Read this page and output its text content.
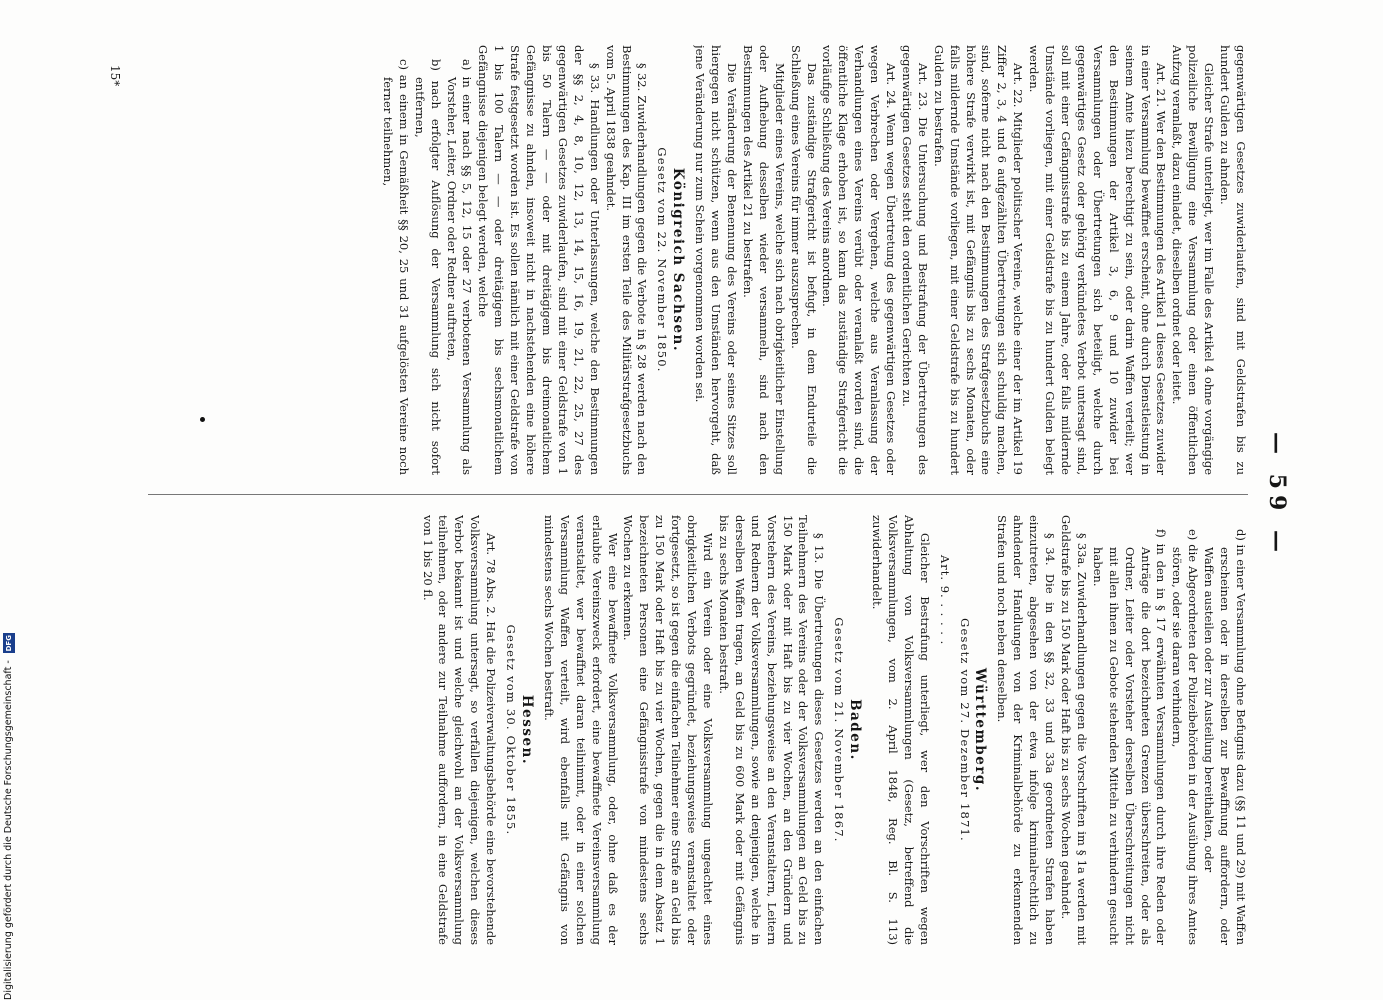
Digitalisierung gefördert durch die Deutsche Forschungsgemeinschaft - DFG
— 59 —

gegenwärtigen Gesetzes zuwiderlaufen, sind mit Geldstrafen bis zu hundert Gulden zu ahnden.

Gleicher Strafe unterliegt, wer im Falle des Artikel 4 ohne vorgängige polizeiliche Bewilligung eine Versammlung oder einen öffentlichen Aufzug veranlaßt, dazu einladet, dieselben ordnet oder leitet.

Art. 21. Wer den Bestimmungen des Artikel 1 dieses Gesetzes zuwider in einer Versammlung bewaffnet erscheint, ohne durch Dienstleistung in seinem Amte hiezu berechtigt zu sein, oder darin Waffen verteilt; wer den Bestimmungen der Artikel 3, 6, 9 und 10 zuwider bei Versammlungen oder Übertretungen sich beteiligt, welche durch gegenwärtiges Gesetz oder gehörig verkündetes Verbot untersagt sind, soll mit einer Gefängnisstrafe bis zu einem Jahre, oder falls mildernde Umstände vorliegen, mit einer Geldstrafe bis zu hundert Gulden belegt werden.

Art. 22. Mitglieder politischer Vereine, welche einer der im Artikel 19 Ziffer 2, 3, 4 und 6 aufgezählten Übertretungen sich schuldig machen, sind, soferne nicht nach den Bestimmungen des Strafgesetzbuchs eine höhere Strafe verwirkt ist, mit Gefängnis bis zu sechs Monaten, oder falls mildernde Umstände vorliegen, mit einer Geldstrafe bis zu hundert Gulden zu bestrafen.

Art. 23. Die Untersuchung und Bestrafung der Übertretungen des gegenwärtigen Gesetzes steht den ordentlichen Gerichten zu.

Art. 24. Wenn wegen Übertretung des gegenwärtigen Gesetzes oder wegen Verbrechen oder Vergehen, welche aus Veranlassung der Verhandlungen eines Vereins verübt oder veranlaßt worden sind, die öffentliche Klage erhoben ist, so kann das zuständige Strafgericht die vorläufige Schließung des Vereins anordnen.

Das zuständige Strafgericht ist befugt, in dem Endurteile die Schließung eines Vereins für immer auszusprechen.

Mitglieder eines Vereins, welche sich nach obrigkeitlicher Einstellung oder Aufhebung desselben wieder versammeln, sind nach den Bestimmungen des Artikel 21 zu bestrafen.

Die Veränderung der Benennung des Vereins oder seines Sitzes soll hiergegen nicht schützen, wenn aus den Umständen hervorgeht, daß jene Veränderung nur zum Schein vorgenommen worden sei.

Königreich Sachsen.

Gesetz vom 22. November 1850.

§ 32. Zuwiderhandlungen gegen die Verbote in § 28 werden nach den Bestimmungen des Kap. III im ersten Teile des Militärstrafgesetzbuchs vom 5. April 1838 geahndet.

§ 33. Handlungen oder Unterlassungen, welche den Bestimmungen der §§ 2, 4, 8, 10, 12, 13, 14, 15, 16, 19, 21, 22, 25, 27 des gegenwärtigen Gesetzes zuwiderlaufen, sind mit einer Geldstrafe von 1 bis 50 Talern — — oder mit dreitägigem bis dreimonatlichem Gefängnisse zu ahnden, insoweit nicht in nachstehenden eine höhere Strafe festgesetzt worden ist. Es sollen nämlich mit einer Geldstrafe von 1 bis 100 Talern — — oder dreitägigem bis sechsmonatlichem Gefängnisse diejenigen belegt werden, welche

a) in einer nach §§ 5, 12, 15 oder 27 verbotenen Versammlung als Vorsteher, Leiter, Ordner oder Redner auftreten,

b) nach erfolgter Auflösung der Versammlung sich nicht sofort entfernen,

c) an einem in Gemäßheit §§ 20, 25 und 31 aufgelösten Vereine noch ferner teilnehmen,

d) in einer Versammlung ohne Befugnis dazu (§§ 11 und 29) mit Waffen erscheinen oder in derselben zur Bewaffnung auffordern, oder Waffen austeilen oder zur Austeilung bereithalten, oder

e) die Abgeordneten der Polizeibehörden in der Ausübung ihres Amtes stören, oder sie daran verhindern,

f) in den in § 17 erwähnten Versammlungen durch ihre Reden oder Anträge die dort bezeichneten Grenzen überschreiten, oder als Ordner, Leiter oder Vorsteher derselben Überschreitungen nicht mit allen ihnen zu Gebote stehenden Mitteln zu verhindern gesucht haben.

§ 33a. Zuwiderhandlungen gegen die Vorschriften im § 1a werden mit Geldstrafe bis zu 150 Mark oder Haft bis zu sechs Wochen geahndet.

§ 34. Die in den §§ 32, 33 und 33a geordneten Strafen haben einzutreten, abgesehen von der etwa infolge kriminalrechtlich zu ahndender Handlungen von der Kriminalbehörde zu erkennenden Strafen und noch neben denselben.

Württemberg.

Gesetz vom 27. Dezember 1871.

Art. 9. . . . . .

Gleicher Bestrafung unterliegt, wer den Vorschriften wegen Abhaltung von Volksversammlungen (Gesetz, betreffend die Volksversammlungen, vom 2. April 1848, Reg. Bl. S. 113) zuwiderhandelt.

Baden.

Gesetz vom 21. November 1867.

§ 13. Die Übertretungen dieses Gesetzes werden an den einfachen Teilnehmern des Vereins oder der Volksversammlungen an Geld bis zu 150 Mark oder mit Haft bis zu vier Wochen, an den Gründern und Vorstehern des Vereins, beziehungsweise an den Veranstaltern, Leitern und Rednern der Volksversammlungen, sowie an denjenigen, welche in derselben Waffen tragen, an Geld bis zu 600 Mark oder mit Gefängnis bis zu sechs Monaten bestraft.

Wird ein Verein oder eine Volksversammlung ungeachtet eines obrigkeitlichen Verbots gegründet, beziehungsweise veranstaltet oder fortgesetzt, so ist gegen die einfachen Teilnehmer eine Strafe an Geld bis zu 150 Mark oder Haft bis zu vier Wochen, gegen die in dem Absatz 1 bezeichneten Personen eine Gefängnisstrafe von mindestens sechs Wochen zu erkennen.

Wer eine bewaffnete Volksversammlung, oder, ohne daß es der erlaubte Vereinszweck erfordert, eine bewaffnete Vereinsversammlung veranstaltet, wer bewaffnet daran teilnimmt, oder in einer solchen Versammlung Waffen verteilt, wird ebenfalls mit Gefängnis von mindestens sechs Wochen bestraft.

Hessen.

Gesetz vom 30. Oktober 1855.

Art. 78 Abs. 2. Hat die Polizeiverwaltungsbehörde eine bevorstehende Volksversammlung untersagt, so verfallen diejenigen, welchen dieses Verbot bekannt ist und welche gleichwohl an der Volksversammlung teilnehmen, oder andere zur Teilnahme auffordern, in eine Geldstrafe von 1 bis 20 fl.

15*
